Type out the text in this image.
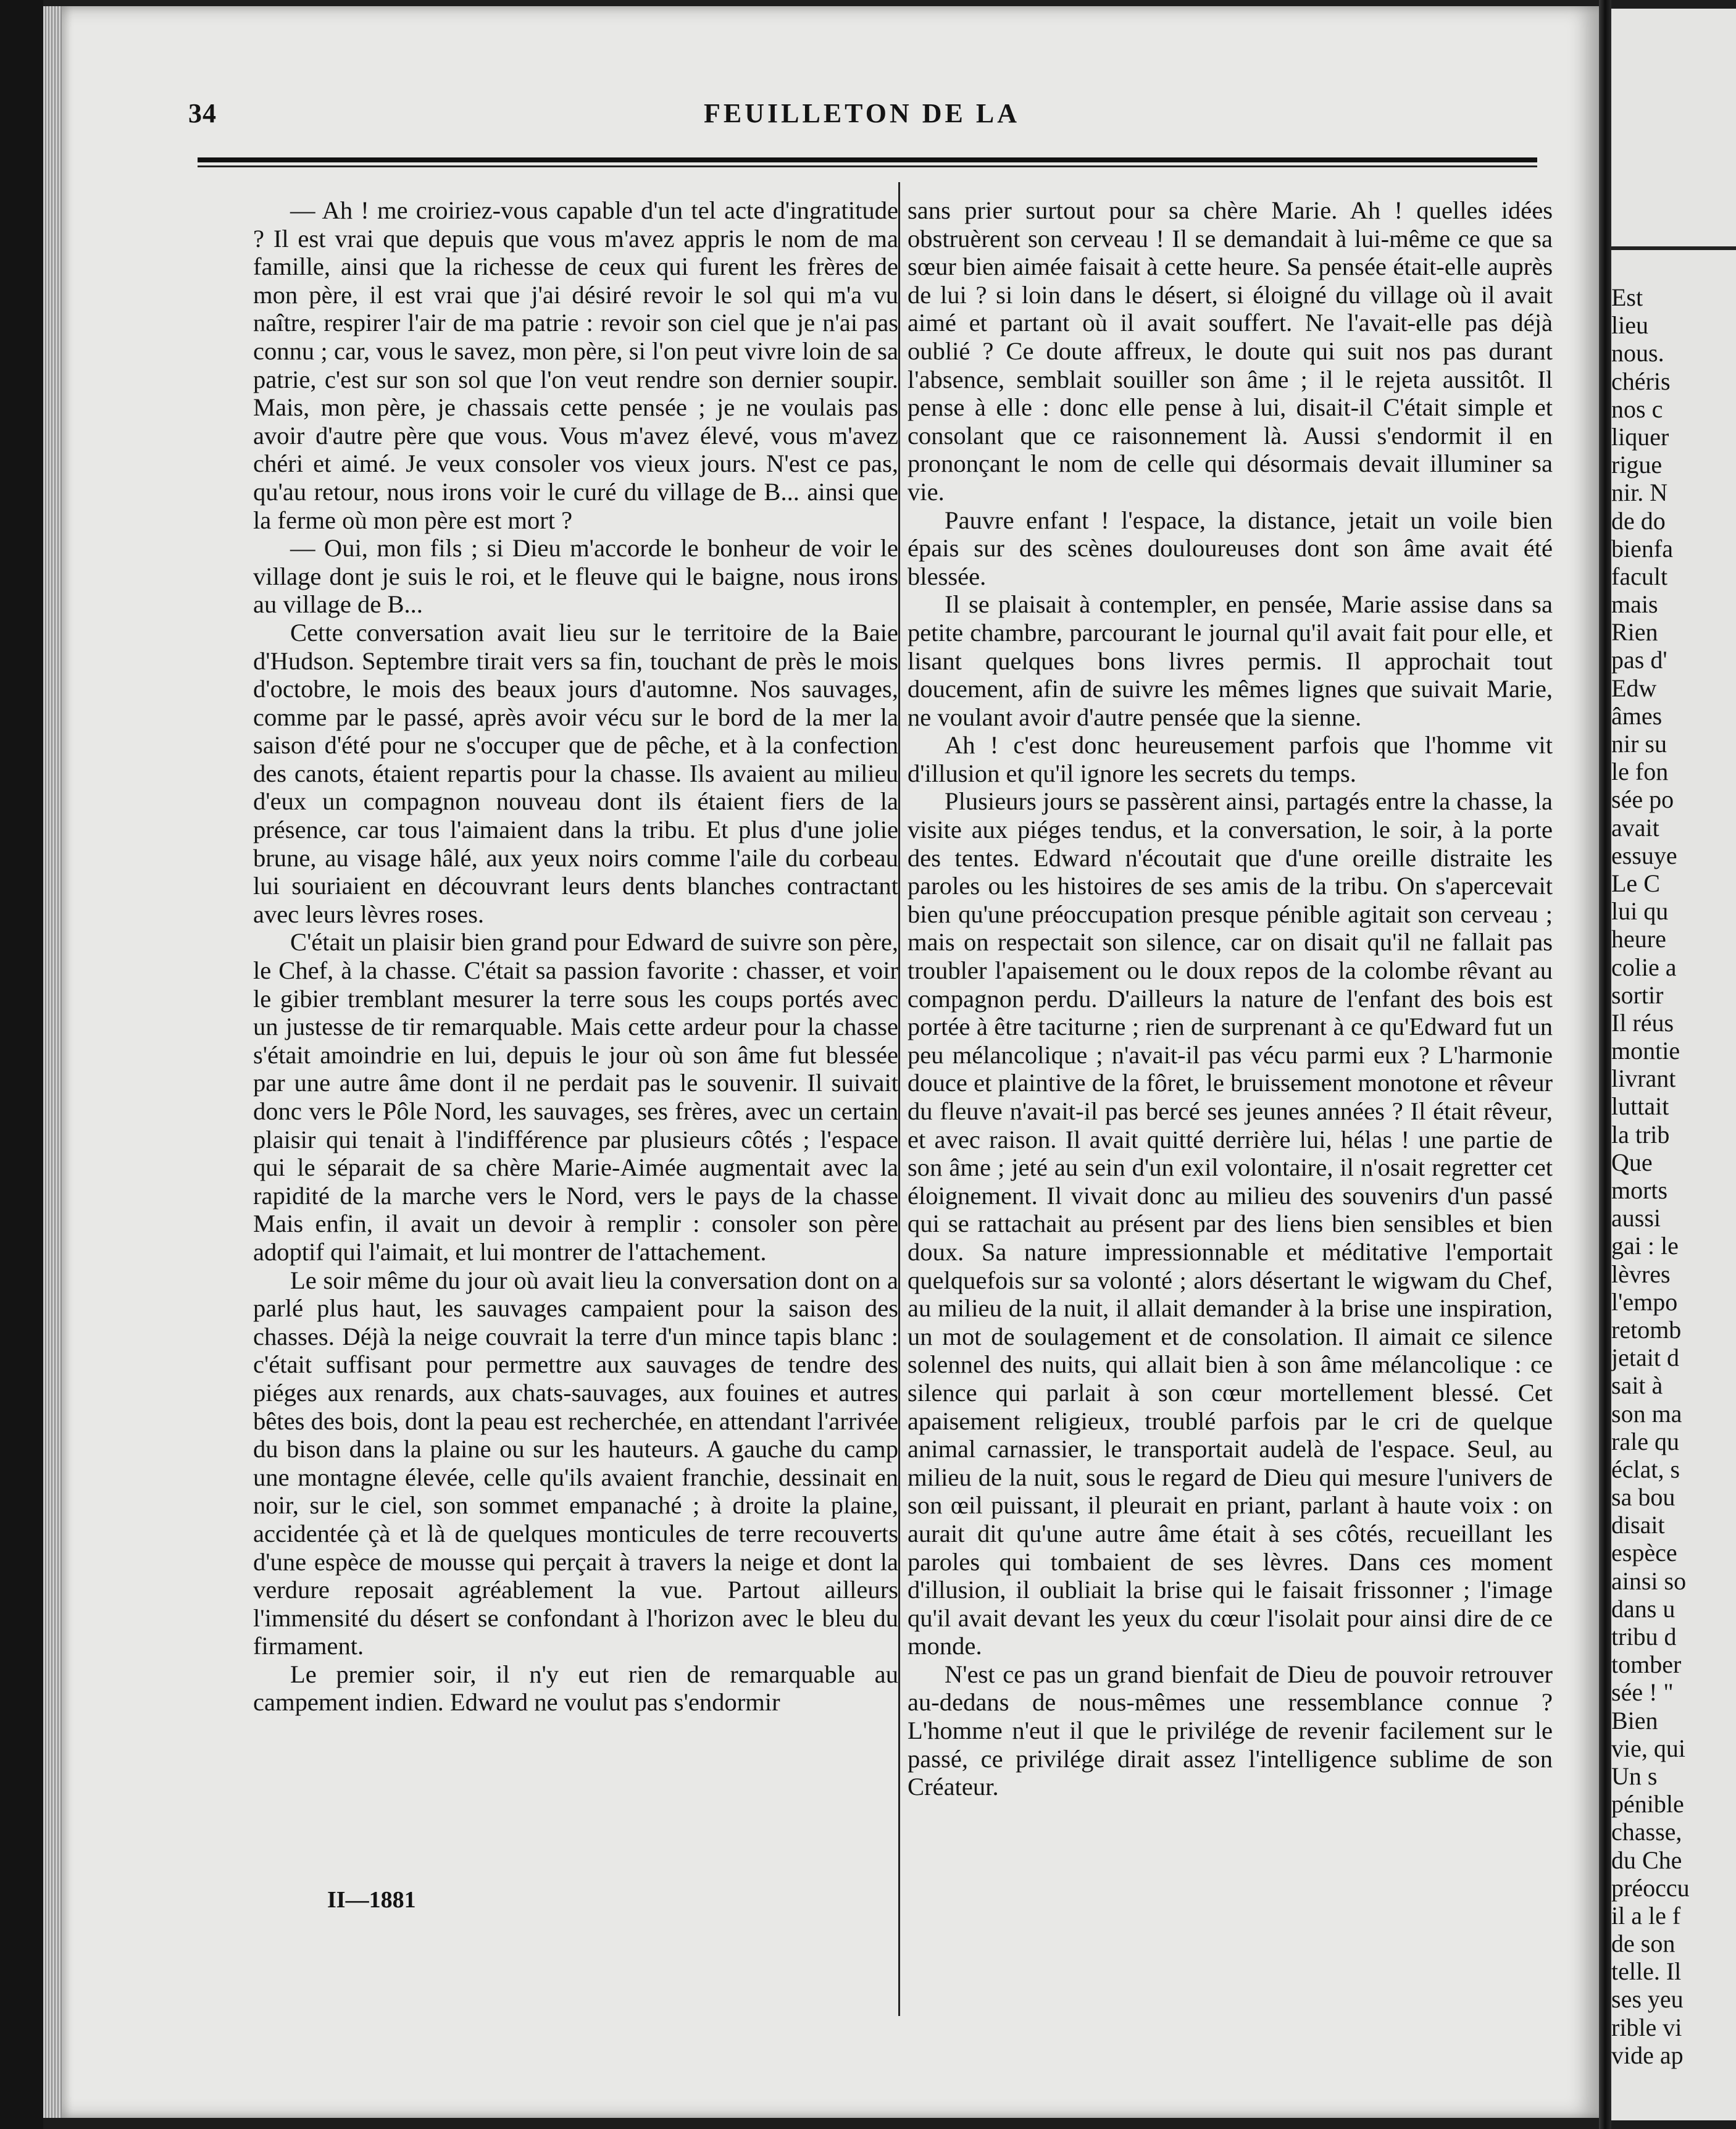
34	FEUILLETON DE LA

— Ah ! me croiriez-vous capable d'un tel acte d'ingratitude ? Il est vrai que depuis que vous m'avez appris le nom de ma famille, ainsi que la richesse de ceux qui furent les frères de mon père, il est vrai que j'ai désiré revoir le sol qui m'a vu naître, respirer l'air de ma patrie : revoir son ciel que je n'ai pas connu ; car, vous le savez, mon père, si l'on peut vivre loin de sa patrie, c'est sur son sol que l'on veut rendre son dernier soupir. Mais, mon père, je chassais cette pensée ; je ne voulais pas avoir d'autre père que vous. Vous m'avez élevé, vous m'avez chéri et aimé. Je veux consoler vos vieux jours. N'est ce pas, qu'au retour, nous irons voir le curé du village de B... ainsi que la ferme où mon père est mort ?

— Oui, mon fils ; si Dieu m'accorde le bonheur de voir le village dont je suis le roi, et le fleuve qui le baigne, nous irons au village de B...

Cette conversation avait lieu sur le territoire de la Baie d'Hudson. Septembre tirait vers sa fin, touchant de près le mois d'octobre, le mois des beaux jours d'automne. Nos sauvages, comme par le passé, après avoir vécu sur le bord de la mer la saison d'été pour ne s'occuper que de pêche, et à la confection des canots, étaient repartis pour la chasse. Ils avaient au milieu d'eux un compagnon nouveau dont ils étaient fiers de la présence, car tous l'aimaient dans la tribu. Et plus d'une jolie brune, au visage hâlé, aux yeux noirs comme l'aile du corbeau lui souriaient en découvrant leurs dents blanches contractant avec leurs lèvres roses.

C'était un plaisir bien grand pour Edward de suivre son père, le Chef, à la chasse. C'était sa passion favorite : chasser, et voir le gibier tremblant mesurer la terre sous les coups portés avec un justesse de tir remarquable. Mais cette ardeur pour la chasse s'était amoindrie en lui, depuis le jour où son âme fut blessée par une autre âme dont il ne perdait pas le souvenir. Il suivait donc vers le Pôle Nord, les sauvages, ses frères, avec un certain plaisir qui tenait à l'indifférence par plusieurs côtés ; l'espace qui le séparait de sa chère Marie-Aimée augmentait avec la rapidité de la marche vers le Nord, vers le pays de la chasse Mais enfin, il avait un devoir à remplir : consoler son père adoptif qui l'aimait, et lui montrer de l'attachement.

Le soir même du jour où avait lieu la conversation dont on a parlé plus haut, les sauvages campaient pour la saison des chasses. Déjà la neige couvrait la terre d'un mince tapis blanc : c'était suffisant pour permettre aux sauvages de tendre des piéges aux renards, aux chats-sauvages, aux fouines et autres bêtes des bois, dont la peau est recherchée, en attendant l'arrivée du bison dans la plaine ou sur les hauteurs. A gauche du camp une montagne élevée, celle qu'ils avaient franchie, dessinait en noir, sur le ciel, son sommet empanaché ; à droite la plaine, accidentée çà et là de quelques monticules de terre recouverts d'une espèce de mousse qui perçait à travers la neige et dont la verdure reposait agréablement la vue. Partout ailleurs l'immensité du désert se confondant à l'horizon avec le bleu du firmament.

Le premier soir, il n'y eut rien de remarquable au campement indien. Edward ne voulut pas s'endormir

sans prier surtout pour sa chère Marie. Ah ! quelles idées obstruèrent son cerveau ! Il se demandait à lui-même ce que sa sœur bien aimée faisait à cette heure. Sa pensée était-elle auprès de lui ? si loin dans le désert, si éloigné du village où il avait aimé et partant où il avait souffert. Ne l'avait-elle pas déjà oublié ? Ce doute affreux, le doute qui suit nos pas durant l'absence, semblait souiller son âme ; il le rejeta aussitôt. Il pense à elle : donc elle pense à lui, disait-il C'était simple et consolant que ce raisonnement là. Aussi s'endormit il en prononçant le nom de celle qui désormais devait illuminer sa vie.

Pauvre enfant ! l'espace, la distance, jetait un voile bien épais sur des scènes douloureuses dont son âme avait été blessée.

Il se plaisait à contempler, en pensée, Marie assise dans sa petite chambre, parcourant le journal qu'il avait fait pour elle, et lisant quelques bons livres permis. Il approchait tout doucement, afin de suivre les mêmes lignes que suivait Marie, ne voulant avoir d'autre pensée que la sienne.

Ah ! c'est donc heureusement parfois que l'homme vit d'illusion et qu'il ignore les secrets du temps.

Plusieurs jours se passèrent ainsi, partagés entre la chasse, la visite aux piéges tendus, et la conversation, le soir, à la porte des tentes. Edward n'écoutait que d'une oreille distraite les paroles ou les histoires de ses amis de la tribu. On s'apercevait bien qu'une préoccupation presque pénible agitait son cerveau ; mais on respectait son silence, car on disait qu'il ne fallait pas troubler l'apaisement ou le doux repos de la colombe rêvant au compagnon perdu. D'ailleurs la nature de l'enfant des bois est portée à être taciturne ; rien de surprenant à ce qu'Edward fut un peu mélancolique ; n'avait-il pas vécu parmi eux ? L'harmonie douce et plaintive de la fôret, le bruissement monotone et rêveur du fleuve n'avait-il pas bercé ses jeunes années ? Il était rêveur, et avec raison. Il avait quitté derrière lui, hélas ! une partie de son âme ; jeté au sein d'un exil volontaire, il n'osait regretter cet éloignement. Il vivait donc au milieu des souvenirs d'un passé qui se rattachait au présent par des liens bien sensibles et bien doux. Sa nature impressionnable et méditative l'emportait quelquefois sur sa volonté ; alors désertant le wigwam du Chef, au milieu de la nuit, il allait demander à la brise une inspiration, un mot de soulagement et de consolation. Il aimait ce silence solennel des nuits, qui allait bien à son âme mélancolique : ce silence qui parlait à son cœur mortellement blessé. Cet apaisement religieux, troublé parfois par le cri de quelque animal carnassier, le transportait audelà de l'espace. Seul, au milieu de la nuit, sous le regard de Dieu qui mesure l'univers de son œil puissant, il pleurait en priant, parlant à haute voix : on aurait dit qu'une autre âme était à ses côtés, recueillant les paroles qui tombaient de ses lèvres. Dans ces moment d'illusion, il oubliait la brise qui le faisait frissonner ; l'image qu'il avait devant les yeux du cœur l'isolait pour ainsi dire de ce monde.

N'est ce pas un grand bienfait de Dieu de pouvoir retrouver au-dedans de nous-mêmes une ressemblance connue ? L'homme n'eut il que le privilége de revenir facilement sur le passé, ce privilége dirait assez l'intelligence sublime de son Créateur.

II—1881
Est
lieu
nous.
chéris
nos c
liquer
rigue
nir. N
de do
bienfa
facult
mais
Rien
pas d'
Edw
âmes
nir su
le fon
sée po
avait
essuye
Le C
lui qu
heure
colie a
sortir
Il réus
montie
livrant
luttait
la trib
Que
morts
aussi
gai : le
lèvres
l'empo
retomb
jetait d
sait à
son ma
rale qu
éclat, s
sa bou
disait
espèce
ainsi so
dans u
tribu d
tomber
sée ! "
Bien
vie, qui
Un s
pénible
chasse,
du Che
préoccu
il a le f
de son
telle. Il
ses yeu
rible vi
vide ap
